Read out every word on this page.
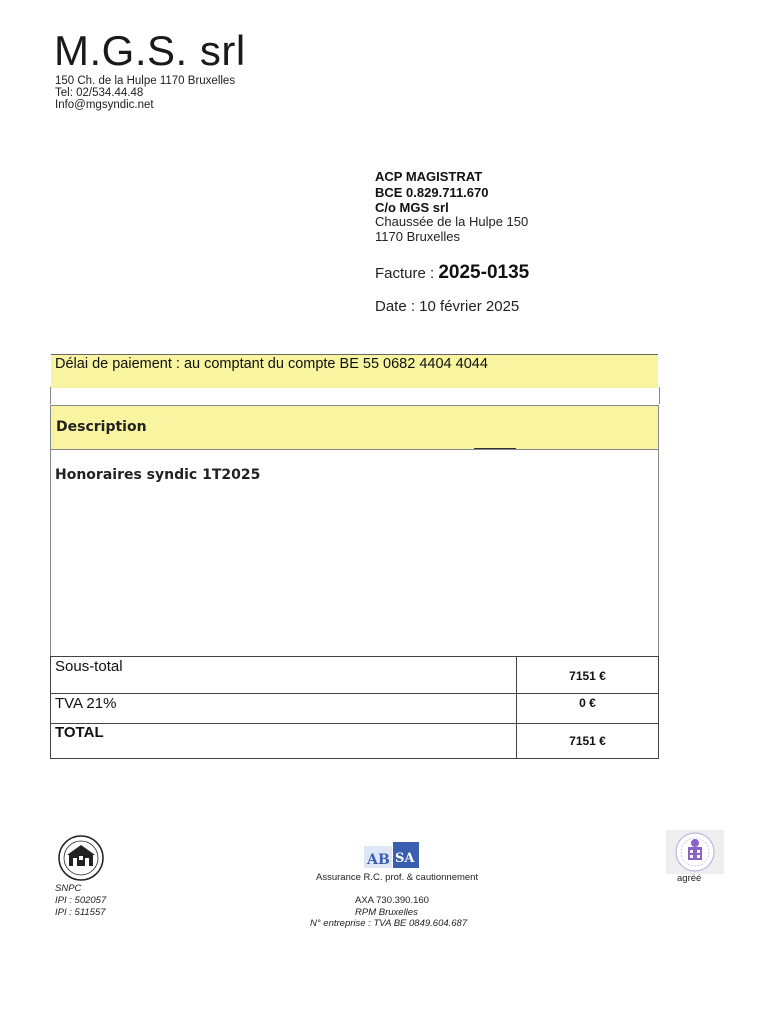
M.G.S. srl
150 Ch. de la Hulpe 1170 Bruxelles
Tel: 02/534.44.48
Info@mgsyndic.net
ACP MAGISTRAT
BCE 0.829.711.670
C/o MGS srl
Chaussée de la Hulpe 150
1170 Bruxelles
Facture : 2025-0135
Date : 10 février 2025
Délai de paiement : au comptant du compte BE 55 0682 4404 4044
Description
Honoraires syndic 1T2025
Sous-total	7151 €
TVA 21%	0 €
TOTAL	7151 €
SNPC
IPI : 502057
IPI : 511557
A B SA
Assurance R.C. prof. & cautionnement
AXA 730.390.160
RPM Bruxelles
N° entreprise : TVA BE 0849.604.687
agréé
